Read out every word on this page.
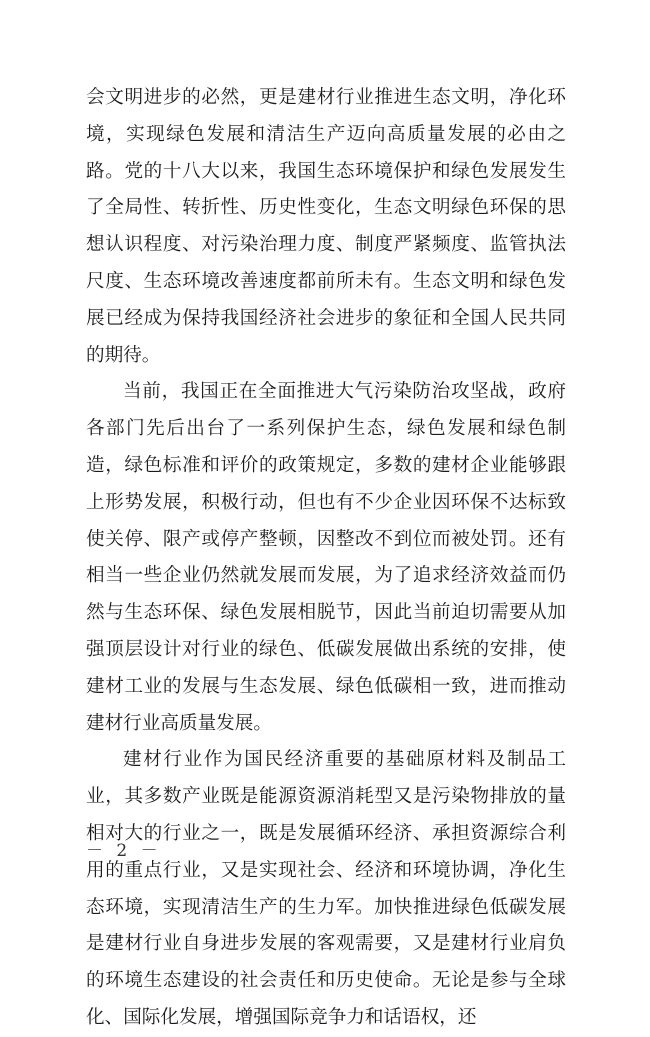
会文明进步的必然，更是建材行业推进生态文明，净化环境，实现绿色发展和清洁生产迈向高质量发展的必由之路。党的十八大以来，我国生态环境保护和绿色发展发生了全局性、转折性、历史性变化，生态文明绿色环保的思想认识程度、对污染治理力度、制度严紧频度、监管执法尺度、生态环境改善速度都前所未有。生态文明和绿色发展已经成为保持我国经济社会进步的象征和全国人民共同的期待。

当前，我国正在全面推进大气污染防治攻坚战，政府各部门先后出台了一系列保护生态，绿色发展和绿色制造，绿色标准和评价的政策规定，多数的建材企业能够跟上形势发展，积极行动，但也有不少企业因环保不达标致使关停、限产或停产整顿，因整改不到位而被处罚。还有相当一些企业仍然就发展而发展，为了追求经济效益而仍然与生态环保、绿色发展相脱节，因此当前迫切需要从加强顶层设计对行业的绿色、低碳发展做出系统的安排，使建材工业的发展与生态发展、绿色低碳相一致，进而推动建材行业高质量发展。

建材行业作为国民经济重要的基础原材料及制品工业，其多数产业既是能源资源消耗型又是污染物排放的量相对大的行业之一，既是发展循环经济、承担资源综合利用的重点行业，又是实现社会、经济和环境协调，净化生态环境，实现清洁生产的生力军。加快推进绿色低碳发展是建材行业自身进步发展的客观需要，又是建材行业肩负的环境生态建设的社会责任和历史使命。无论是参与全球化、国际化发展，增强国际竞争力和话语权，还

－ 2 －
